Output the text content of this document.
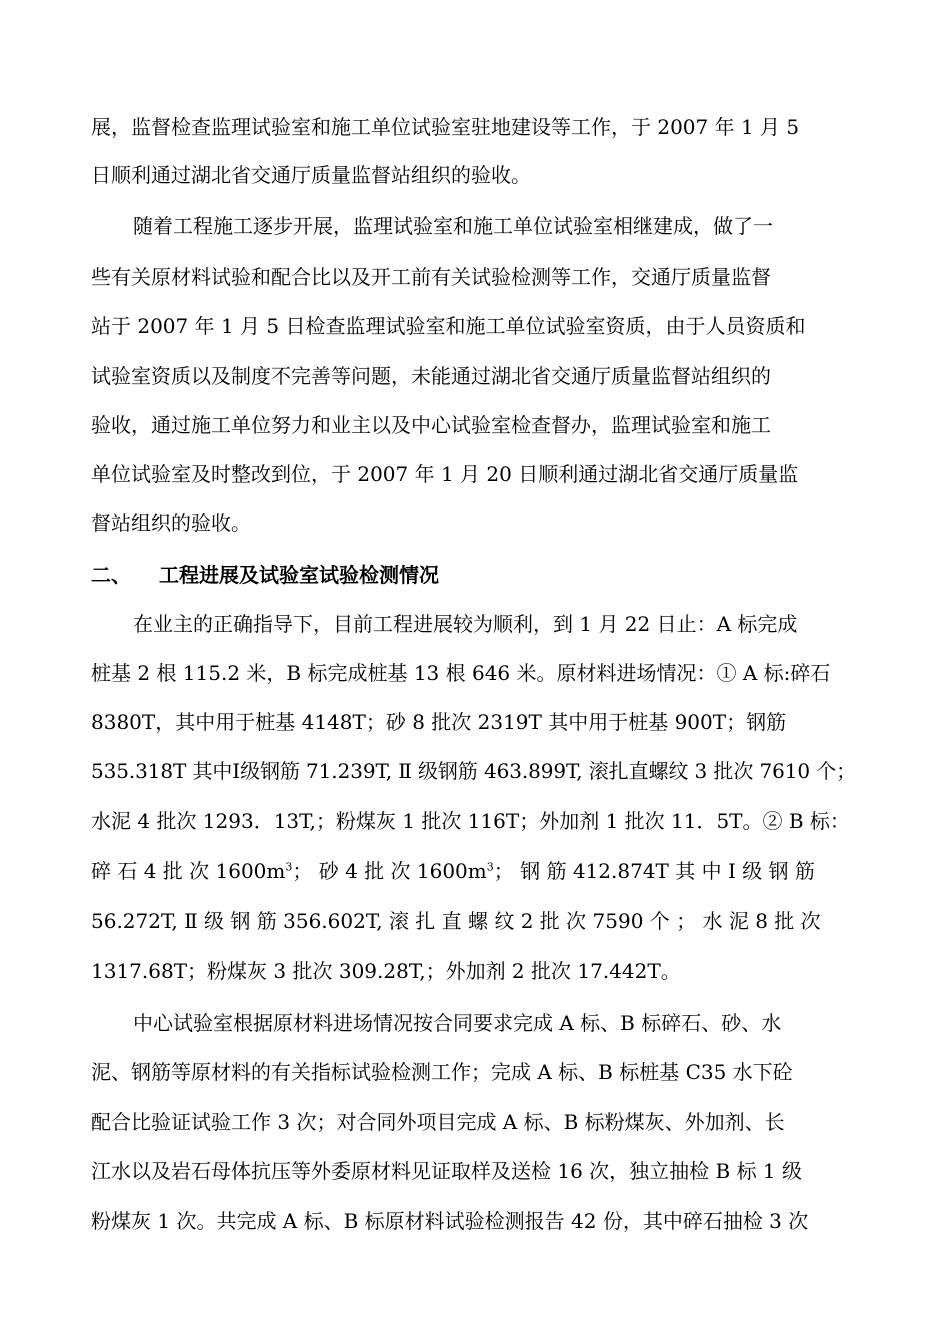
展，监督检查监理试验室和施工单位试验室驻地建设等工作，于 2007 年 1 月 5
日顺利通过湖北省交通厅质量监督站组织的验收。
随着工程施工逐步开展，监理试验室和施工单位试验室相继建成，做了一
些有关原材料试验和配合比以及开工前有关试验检测等工作，交通厅质量监督
站于 2007 年 1 月 5 日检查监理试验室和施工单位试验室资质，由于人员资质和
试验室资质以及制度不完善等问题，未能通过湖北省交通厅质量监督站组织的
验收，通过施工单位努力和业主以及中心试验室检查督办，监理试验室和施工
单位试验室及时整改到位，于 2007 年 1 月 20 日顺利通过湖北省交通厅质量监
督站组织的验收。
二、 工程进展及试验室试验检测情况
在业主的正确指导下，目前工程进展较为顺利，到 1 月 22 日止：A 标完成
桩基 2 根 115.2 米，B 标完成桩基 13 根 646 米。原材料进场情况：① A 标:碎石
8380T，其中用于桩基 4148T；砂 8 批次 2319T 其中用于桩基 900T；钢筋
535.318T 其中Ⅰ级钢筋 71.239T, Ⅱ 级钢筋 463.899T, 滚扎直螺纹 3 批次 7610 个；
水泥 4 批次 1293．13T,；粉煤灰 1 批次 116T；外加剂 1 批次 11．5T。② B 标：
碎 石 4 批 次 $1600m^3$； 砂 4 批 次 $1600m^3$； 钢 筋 412.874T 其 中 Ⅰ 级 钢 筋
56.272T, Ⅱ 级 钢 筋 356.602T, 滚 扎 直 螺 纹 2 批 次 7590 个 ； 水 泥 8 批 次
1317.68T；粉煤灰 3 批次 309.28T,；外加剂 2 批次 17.442T。
中心试验室根据原材料进场情况按合同要求完成 A 标、B 标碎石、砂、水
泥、钢筋等原材料的有关指标试验检测工作；完成 A 标、B 标桩基 C35 水下砼
配合比验证试验工作 3 次；对合同外项目完成 A 标、B 标粉煤灰、外加剂、长
江水以及岩石母体抗压等外委原材料见证取样及送检 16 次，独立抽检 B 标 1 级
粉煤灰 1 次。共完成 A 标、B 标原材料试验检测报告 42 份，其中碎石抽检 3 次
